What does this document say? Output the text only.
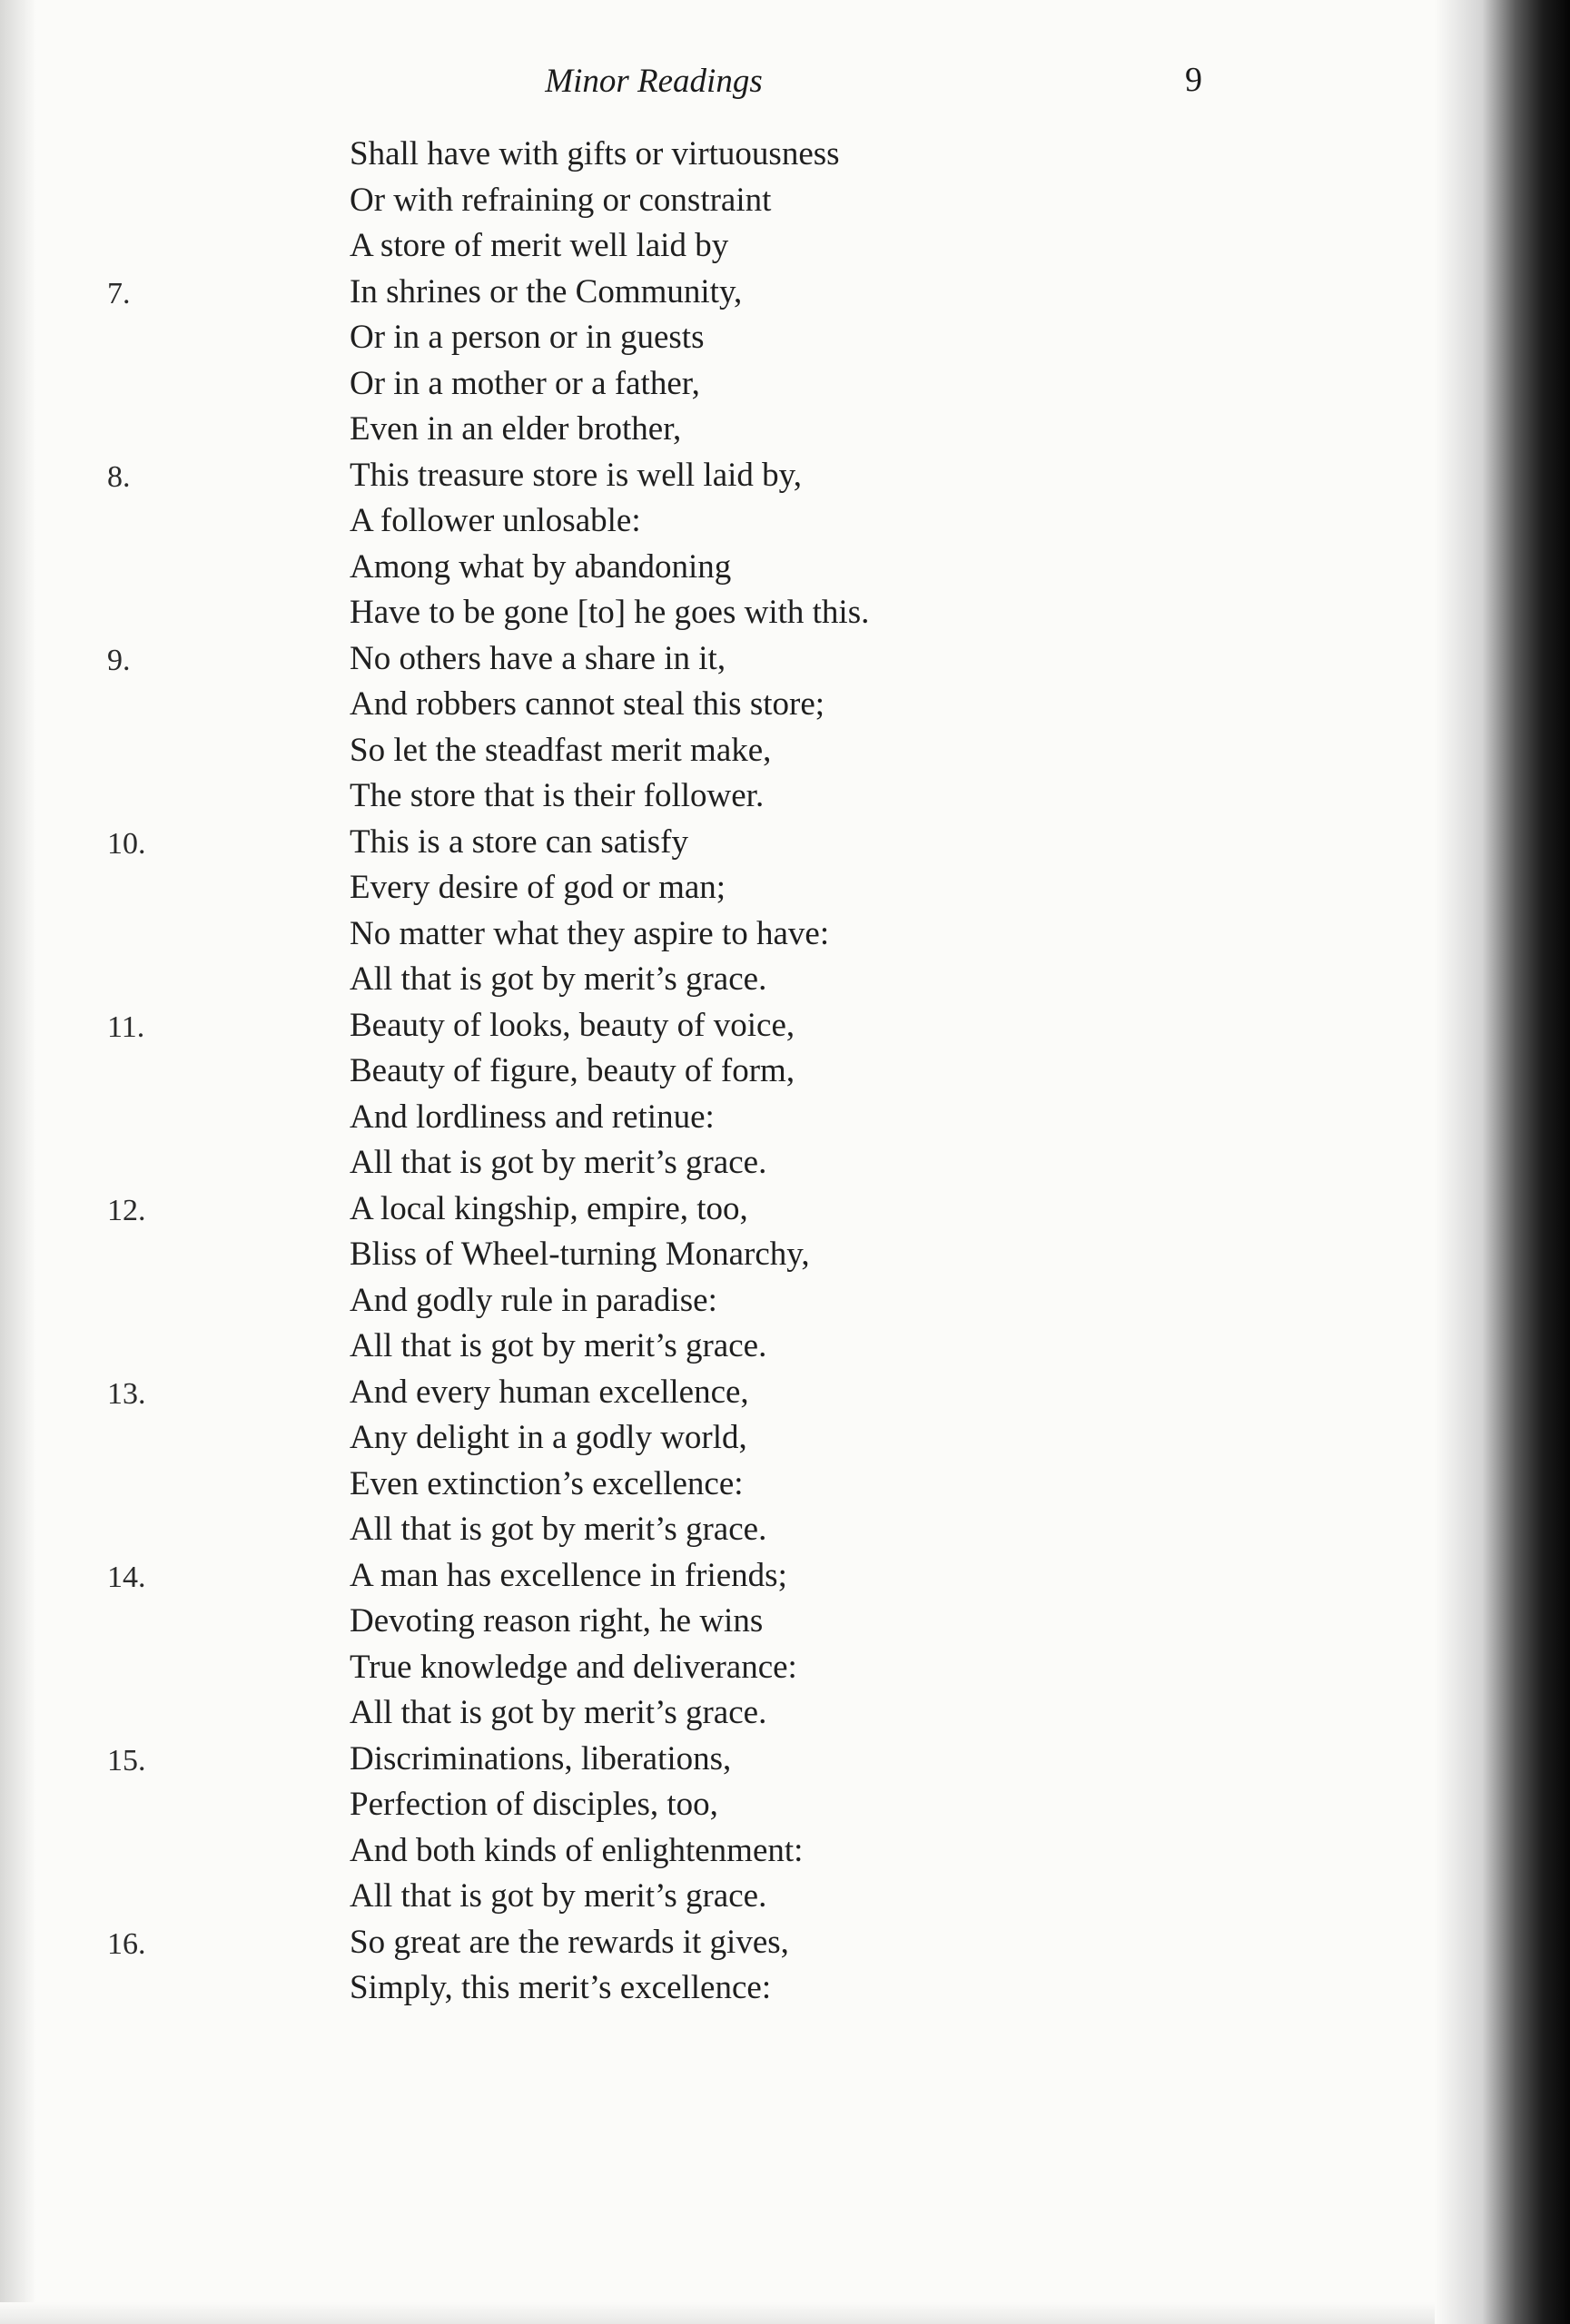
Minor Readings	9
Shall have with gifts or virtuousness
Or with refraining or constraint
A store of merit well laid by
7.	In shrines or the Community,
Or in a person or in guests
Or in a mother or a father,
Even in an elder brother,
8.	This treasure store is well laid by,
A follower unlosable:
Among what by abandoning
Have to be gone [to] he goes with this.
9.	No others have a share in it,
And robbers cannot steal this store;
So let the steadfast merit make,
The store that is their follower.
10.	This is a store can satisfy
Every desire of god or man;
No matter what they aspire to have:
All that is got by merit’s grace.
11.	Beauty of looks, beauty of voice,
Beauty of figure, beauty of form,
And lordliness and retinue:
All that is got by merit’s grace.
12.	A local kingship, empire, too,
Bliss of Wheel-turning Monarchy,
And godly rule in paradise:
All that is got by merit’s grace.
13.	And every human excellence,
Any delight in a godly world,
Even extinction’s excellence:
All that is got by merit’s grace.
14.	A man has excellence in friends;
Devoting reason right, he wins
True knowledge and deliverance:
All that is got by merit’s grace.
15.	Discriminations, liberations,
Perfection of disciples, too,
And both kinds of enlightenment:
All that is got by merit’s grace.
16.	So great are the rewards it gives,
Simply, this merit’s excellence:
